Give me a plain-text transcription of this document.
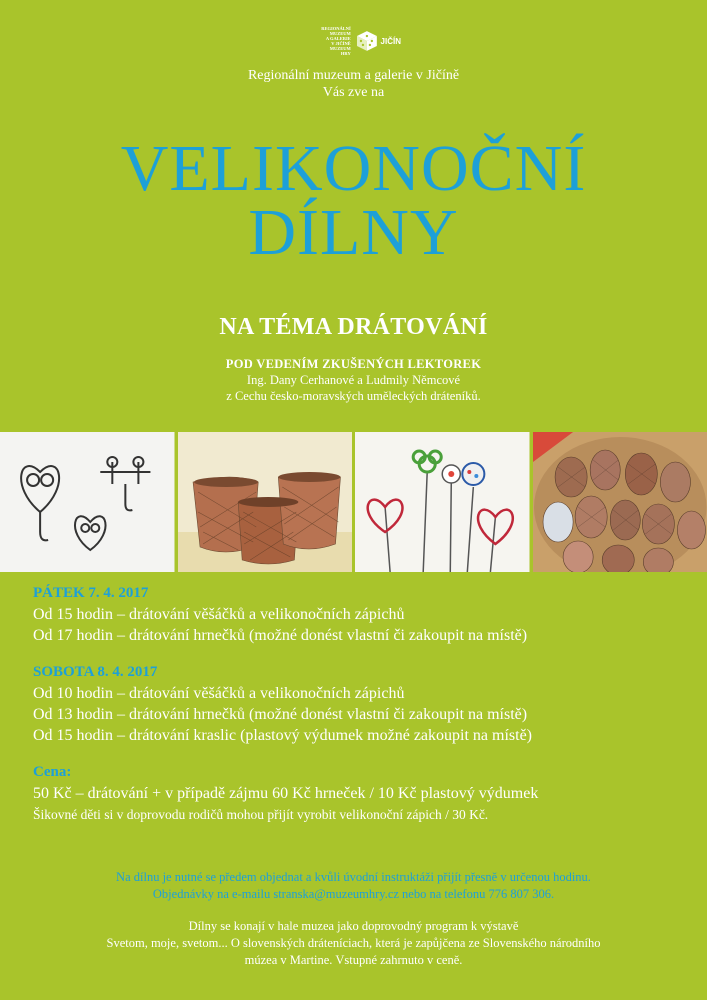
REGIONÁLNÍ
MUZEUM
A GALERIE
V JIČÍNĚ
MUZEUM
HRY
JIČÍN
Regionální muzeum a galerie v Jičíně
Vás zve na
VELIKONOČNÍ
DÍLNY
NA TÉMA DRÁTOVÁNÍ
POD VEDENÍM ZKUŠENÝCH LEKTOREK
Ing. Dany Cerhanové a Ludmily Němcové
z Cechu česko-moravských uměleckých dráteníků.
PÁTEK 7. 4. 2017
Od 15 hodin – drátování věšáčků a velikonočních zápichů
Od 17 hodin – drátování hrnečků (možné donést vlastní či zakoupit na místě)
SOBOTA 8. 4. 2017
Od 10 hodin – drátování věšáčků a velikonočních zápichů
Od 13 hodin – drátování hrnečků (možné donést vlastní či zakoupit na místě)
Od 15 hodin – drátování kraslic (plastový výdumek možné zakoupit na místě)
Cena:
50 Kč – drátování + v případě zájmu 60 Kč hrneček / 10 Kč plastový výdumek
Šikovné děti si v doprovodu rodičů mohou přijít vyrobit velikonoční zápich / 30 Kč.
Na dílnu je nutné se předem objednat a kvůli úvodní instruktáži přijít přesně v určenou hodinu.
Objednávky na e-mailu stranska@muzeumhry.cz nebo na telefonu 776 807 306.
Dílny se konají v hale muzea jako doprovodný program k výstavě
Svetom, moje, svetom... O slovenských dráteníciach, která je zapůjčena ze Slovenského národního
múzea v Martine. Vstupné zahrnuto v ceně.
